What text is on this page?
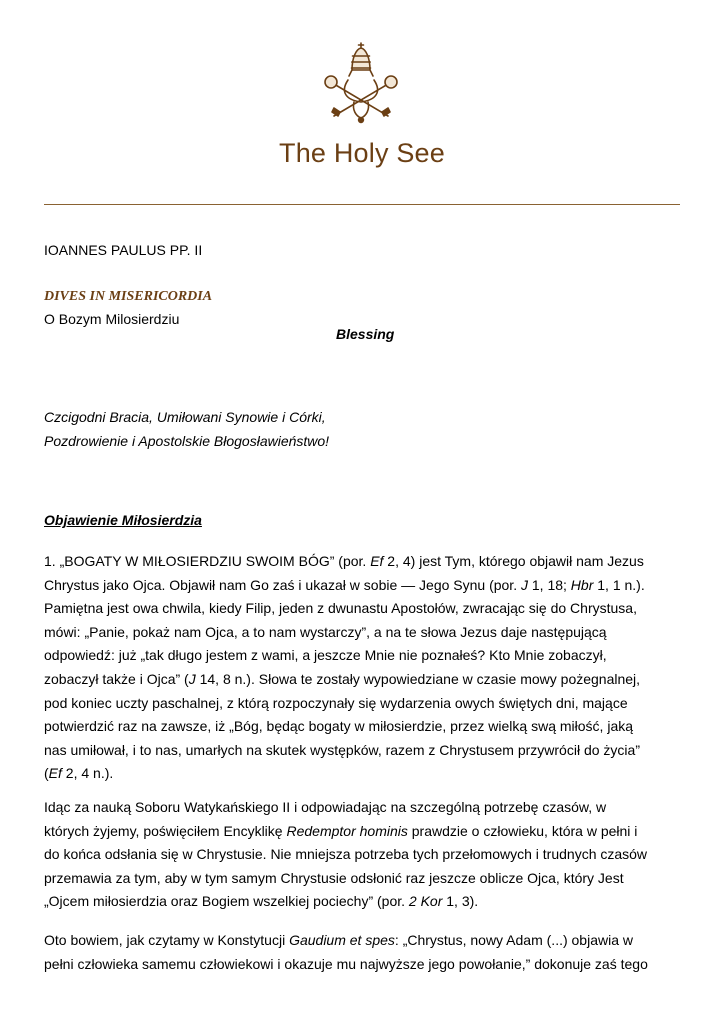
The Holy See
IOANNES PAULUS PP. II
DIVES IN MISERICORDIA
O Bozym Milosierdziu
Blessing
Czcigodni Bracia, Umiłowani Synowie i Córki,
Pozdrowienie i Apostolskie Błogosławieństwo!
Objawienie Miłosierdzia
1. „BOGATY W MIŁOSIERDZIU SWOIM BÓG” (por. Ef 2, 4) jest Tym, którego objawił nam Jezus
Chrystus jako Ojca. Objawił nam Go zaś i ukazał w sobie — Jego Synu (por. J 1, 18; Hbr 1, 1 n.).
Pamiętna jest owa chwila, kiedy Filip, jeden z dwunastu Apostołów, zwracając się do Chrystusa,
mówi: „Panie, pokaż nam Ojca, a to nam wystarczy”, a na te słowa Jezus daje następującą
odpowiedź: już „tak długo jestem z wami, a jeszcze Mnie nie poznałeś? Kto Mnie zobaczył,
zobaczył także i Ojca” (J 14, 8 n.). Słowa te zostały wypowiedziane w czasie mowy pożegnalnej,
pod koniec uczty paschalnej, z którą rozpoczynały się wydarzenia owych świętych dni, mające
potwierdzić raz na zawsze, iż „Bóg, będąc bogaty w miłosierdzie, przez wielką swą miłość, jaką
nas umiłował, i to nas, umarłych na skutek występków, razem z Chrystusem przywrócił do życia”
(Ef 2, 4 n.).
Idąc za nauką Soboru Watykańskiego II i odpowiadając na szczególną potrzebę czasów, w
których żyjemy, poświęciłem Encyklikę Redemptor hominis prawdzie o człowieku, która w pełni i
do końca odsłania się w Chrystusie. Nie mniejsza potrzeba tych przełomowych i trudnych czasów
przemawia za tym, aby w tym samym Chrystusie odsłonić raz jeszcze oblicze Ojca, który Jest
„Ojcem miłosierdzia oraz Bogiem wszelkiej pociechy” (por. 2 Kor 1, 3).
Oto bowiem, jak czytamy w Konstytucji Gaudium et spes: „Chrystus, nowy Adam (...) objawia w
pełni człowieka samemu człowiekowi i okazuje mu najwyższe jego powołanie,” dokonuje zaś tego
